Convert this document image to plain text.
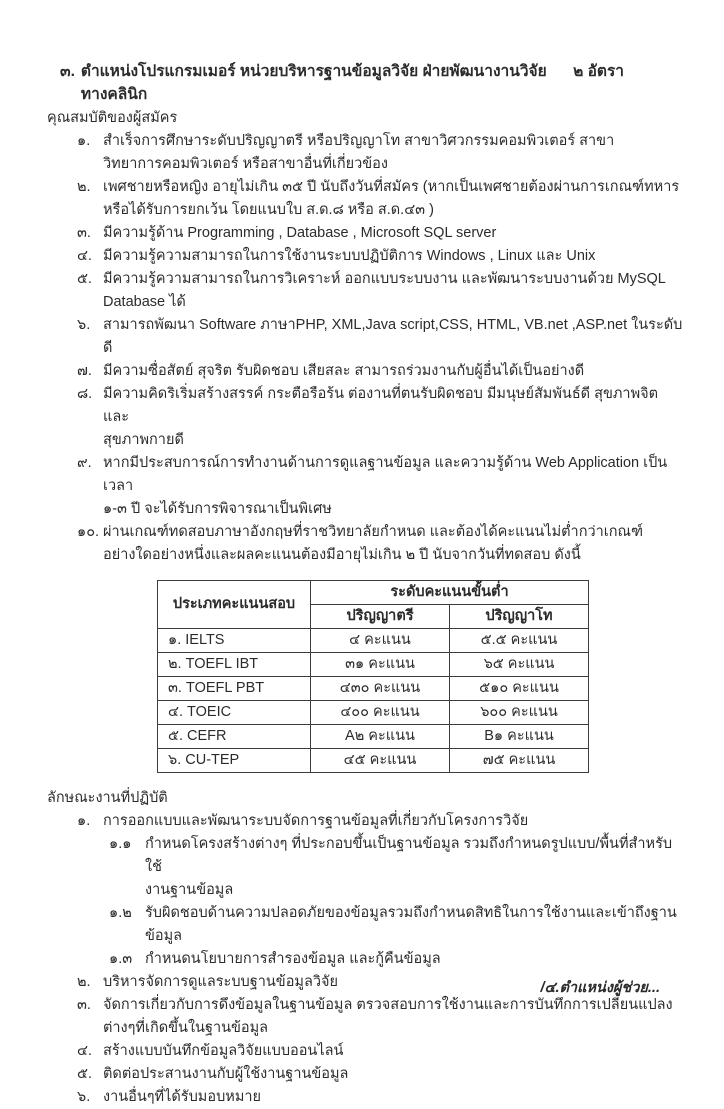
๓. ตำแหน่งโปรแกรมเมอร์ หน่วยบริหารฐานข้อมูลวิจัย ฝ่ายพัฒนางานวิจัยทางคลินิก
๒ อัตรา
คุณสมบัติของผู้สมัคร
๑. สำเร็จการศึกษาระดับปริญญาตรี หรือปริญญาโท สาขาวิศวกรรมคอมพิวเตอร์ สาขา
วิทยาการคอมพิวเตอร์ หรือสาขาอื่นที่เกี่ยวข้อง
๒. เพศชายหรือหญิง อายุไม่เกิน ๓๕ ปี นับถึงวันที่สมัคร (หากเป็นเพศชายต้องผ่านการเกณฑ์ทหาร
หรือได้รับการยกเว้น โดยแนบใบ ส.ด.๘ หรือ ส.ด.๔๓ )
๓. มีความรู้ด้าน Programming , Database , Microsoft SQL server
๔. มีความรู้ความสามารถในการใช้งานระบบปฏิบัติการ Windows , Linux และ Unix
๕. มีความรู้ความสามารถในการวิเคราะห์ ออกแบบระบบงาน และพัฒนาระบบงานด้วย MySQL
Database ได้
๖. สามารถพัฒนา Software ภาษาPHP, XML,Java script,CSS, HTML, VB.net ,ASP.net ในระดับดี
๗. มีความซื่อสัตย์ สุจริต รับผิดชอบ เสียสละ สามารถร่วมงานกับผู้อื่นได้เป็นอย่างดี
๘. มีความคิดริเริ่มสร้างสรรค์ กระตือรือร้น ต่องานที่ตนรับผิดชอบ มีมนุษย์สัมพันธ์ดี สุขภาพจิตและ
สุขภาพกายดี
๙. หากมีประสบการณ์การทำงานด้านการดูแลฐานข้อมูล และความรู้ด้าน Web Application เป็นเวลา
๑-๓ ปี จะได้รับการพิจารณาเป็นพิเศษ
๑๐. ผ่านเกณฑ์ทดสอบภาษาอังกฤษที่ราชวิทยาลัยกำหนด และต้องได้คะแนนไม่ต่ำกว่าเกณฑ์
อย่างใดอย่างหนึ่งและผลคะแนนต้องมีอายุไม่เกิน ๒ ปี นับจากวันที่ทดสอบ ดังนี้
ประเภทคะแนนสอบ	ระดับคะแนนขั้นต่ำ	
	ปริญญาตรี	ปริญญาโท
๑. IELTS	๔ คะแนน	๕.๕ คะแนน
๒. TOEFL IBT	๓๑ คะแนน	๖๕ คะแนน
๓. TOEFL PBT	๔๓๐ คะแนน	๕๑๐ คะแนน
๔. TOEIC	๔๐๐ คะแนน	๖๐๐ คะแนน
๕. CEFR	A๒ คะแนน	B๑ คะแนน
๖. CU-TEP	๔๕ คะแนน	๗๕ คะแนน
ลักษณะงานที่ปฏิบัติ
๑. การออกแบบและพัฒนาระบบจัดการฐานข้อมูลที่เกี่ยวกับโครงการวิจัย
๑.๑ กำหนดโครงสร้างต่างๆ ที่ประกอบขึ้นเป็นฐานข้อมูล รวมถึงกำหนดรูปแบบ/พื้นที่สำหรับใช้
งานฐานข้อมูล
๑.๒ รับผิดชอบด้านความปลอดภัยของข้อมูลรวมถึงกำหนดสิทธิในการใช้งานและเข้าถึงฐานข้อมูล
๑.๓ กำหนดนโยบายการสำรองข้อมูล และกู้คืนข้อมูล
๒. บริหารจัดการดูแลระบบฐานข้อมูลวิจัย
๓. จัดการเกี่ยวกับการดึงข้อมูลในฐานข้อมูล ตรวจสอบการใช้งานและการบันทึกการเปลี่ยนแปลง
ต่างๆที่เกิดขึ้นในฐานข้อมูล
๔. สร้างแบบบันทึกข้อมูลวิจัยแบบออนไลน์
๕. ติดต่อประสานงานกับผู้ใช้งานฐานข้อมูล
๖. งานอื่นๆที่ได้รับมอบหมาย
/๔.ตำแหน่งผู้ช่วย...
